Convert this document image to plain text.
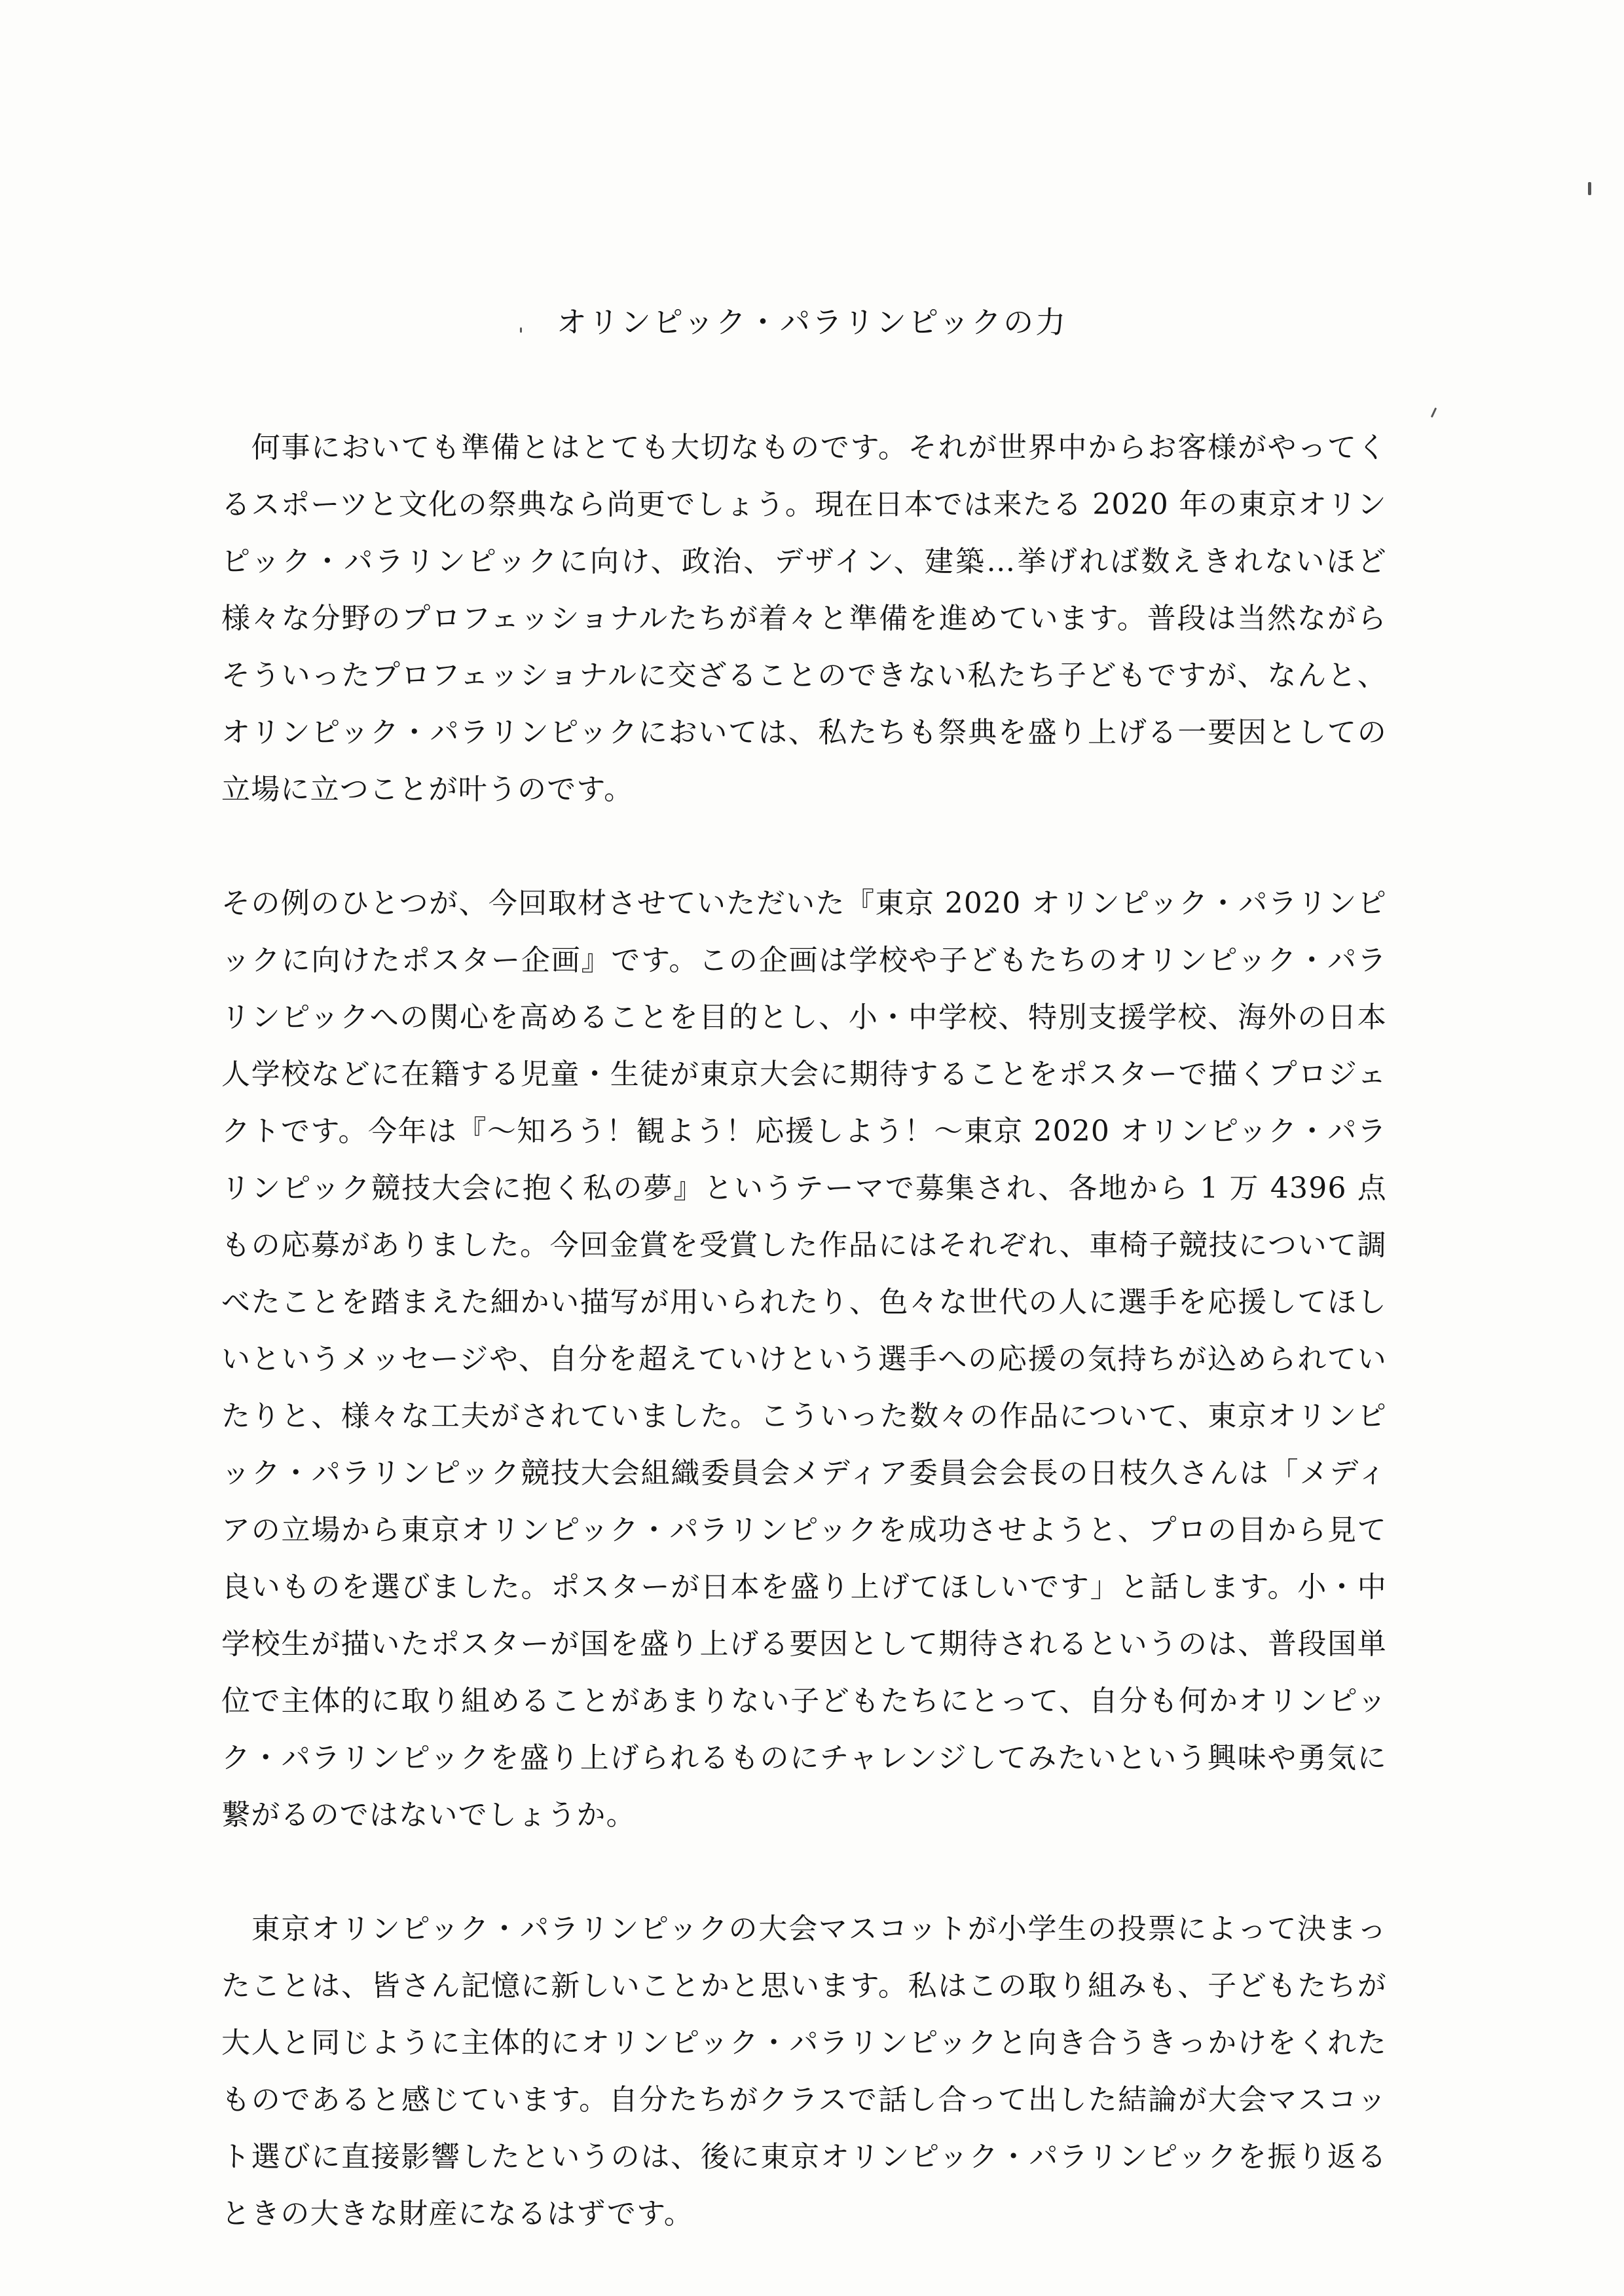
オリンピック・パラリンピックの力

　何事においても準備とはとても大切なものです。それが世界中からお客様がやってくるスポーツと文化の祭典なら尚更でしょう。現在日本では来たる 2020 年の東京オリンピック・パラリンピックに向け、政治、デザイン、建築…挙げれば数えきれないほど様々な分野のプロフェッショナルたちが着々と準備を進めています。普段は当然ながらそういったプロフェッショナルに交ざることのできない私たち子どもですが、なんと、オリンピック・パラリンピックにおいては、私たちも祭典を盛り上げる一要因としての立場に立つことが叶うのです。

その例のひとつが、今回取材させていただいた『東京 2020 オリンピック・パラリンピックに向けたポスター企画』です。この企画は学校や子どもたちのオリンピック・パラリンピックへの関心を高めることを目的とし、小・中学校、特別支援学校、海外の日本人学校などに在籍する児童・生徒が東京大会に期待することをポスターで描くプロジェクトです。今年は『～知ろう！観よう！応援しよう！～東京 2020 オリンピック・パラリンピック競技大会に抱く私の夢』というテーマで募集され、各地から 1 万 4396 点もの応募がありました。今回金賞を受賞した作品にはそれぞれ、車椅子競技について調べたことを踏まえた細かい描写が用いられたり、色々な世代の人に選手を応援してほしいというメッセージや、自分を超えていけという選手への応援の気持ちが込められていたりと、様々な工夫がされていました。こういった数々の作品について、東京オリンピック・パラリンピック競技大会組織委員会メディア委員会会長の日枝久さんは「メディアの立場から東京オリンピック・パラリンピックを成功させようと、プロの目から見て良いものを選びました。ポスターが日本を盛り上げてほしいです」と話します。小・中学校生が描いたポスターが国を盛り上げる要因として期待されるというのは、普段国単位で主体的に取り組めることがあまりない子どもたちにとって、自分も何かオリンピック・パラリンピックを盛り上げられるものにチャレンジしてみたいという興味や勇気に繋がるのではないでしょうか。

　東京オリンピック・パラリンピックの大会マスコットが小学生の投票によって決まったことは、皆さん記憶に新しいことかと思います。私はこの取り組みも、子どもたちが大人と同じように主体的にオリンピック・パラリンピックと向き合うきっかけをくれたものであると感じています。自分たちがクラスで話し合って出した結論が大会マスコット選びに直接影響したというのは、後に東京オリンピック・パラリンピックを振り返るときの大きな財産になるはずです。
